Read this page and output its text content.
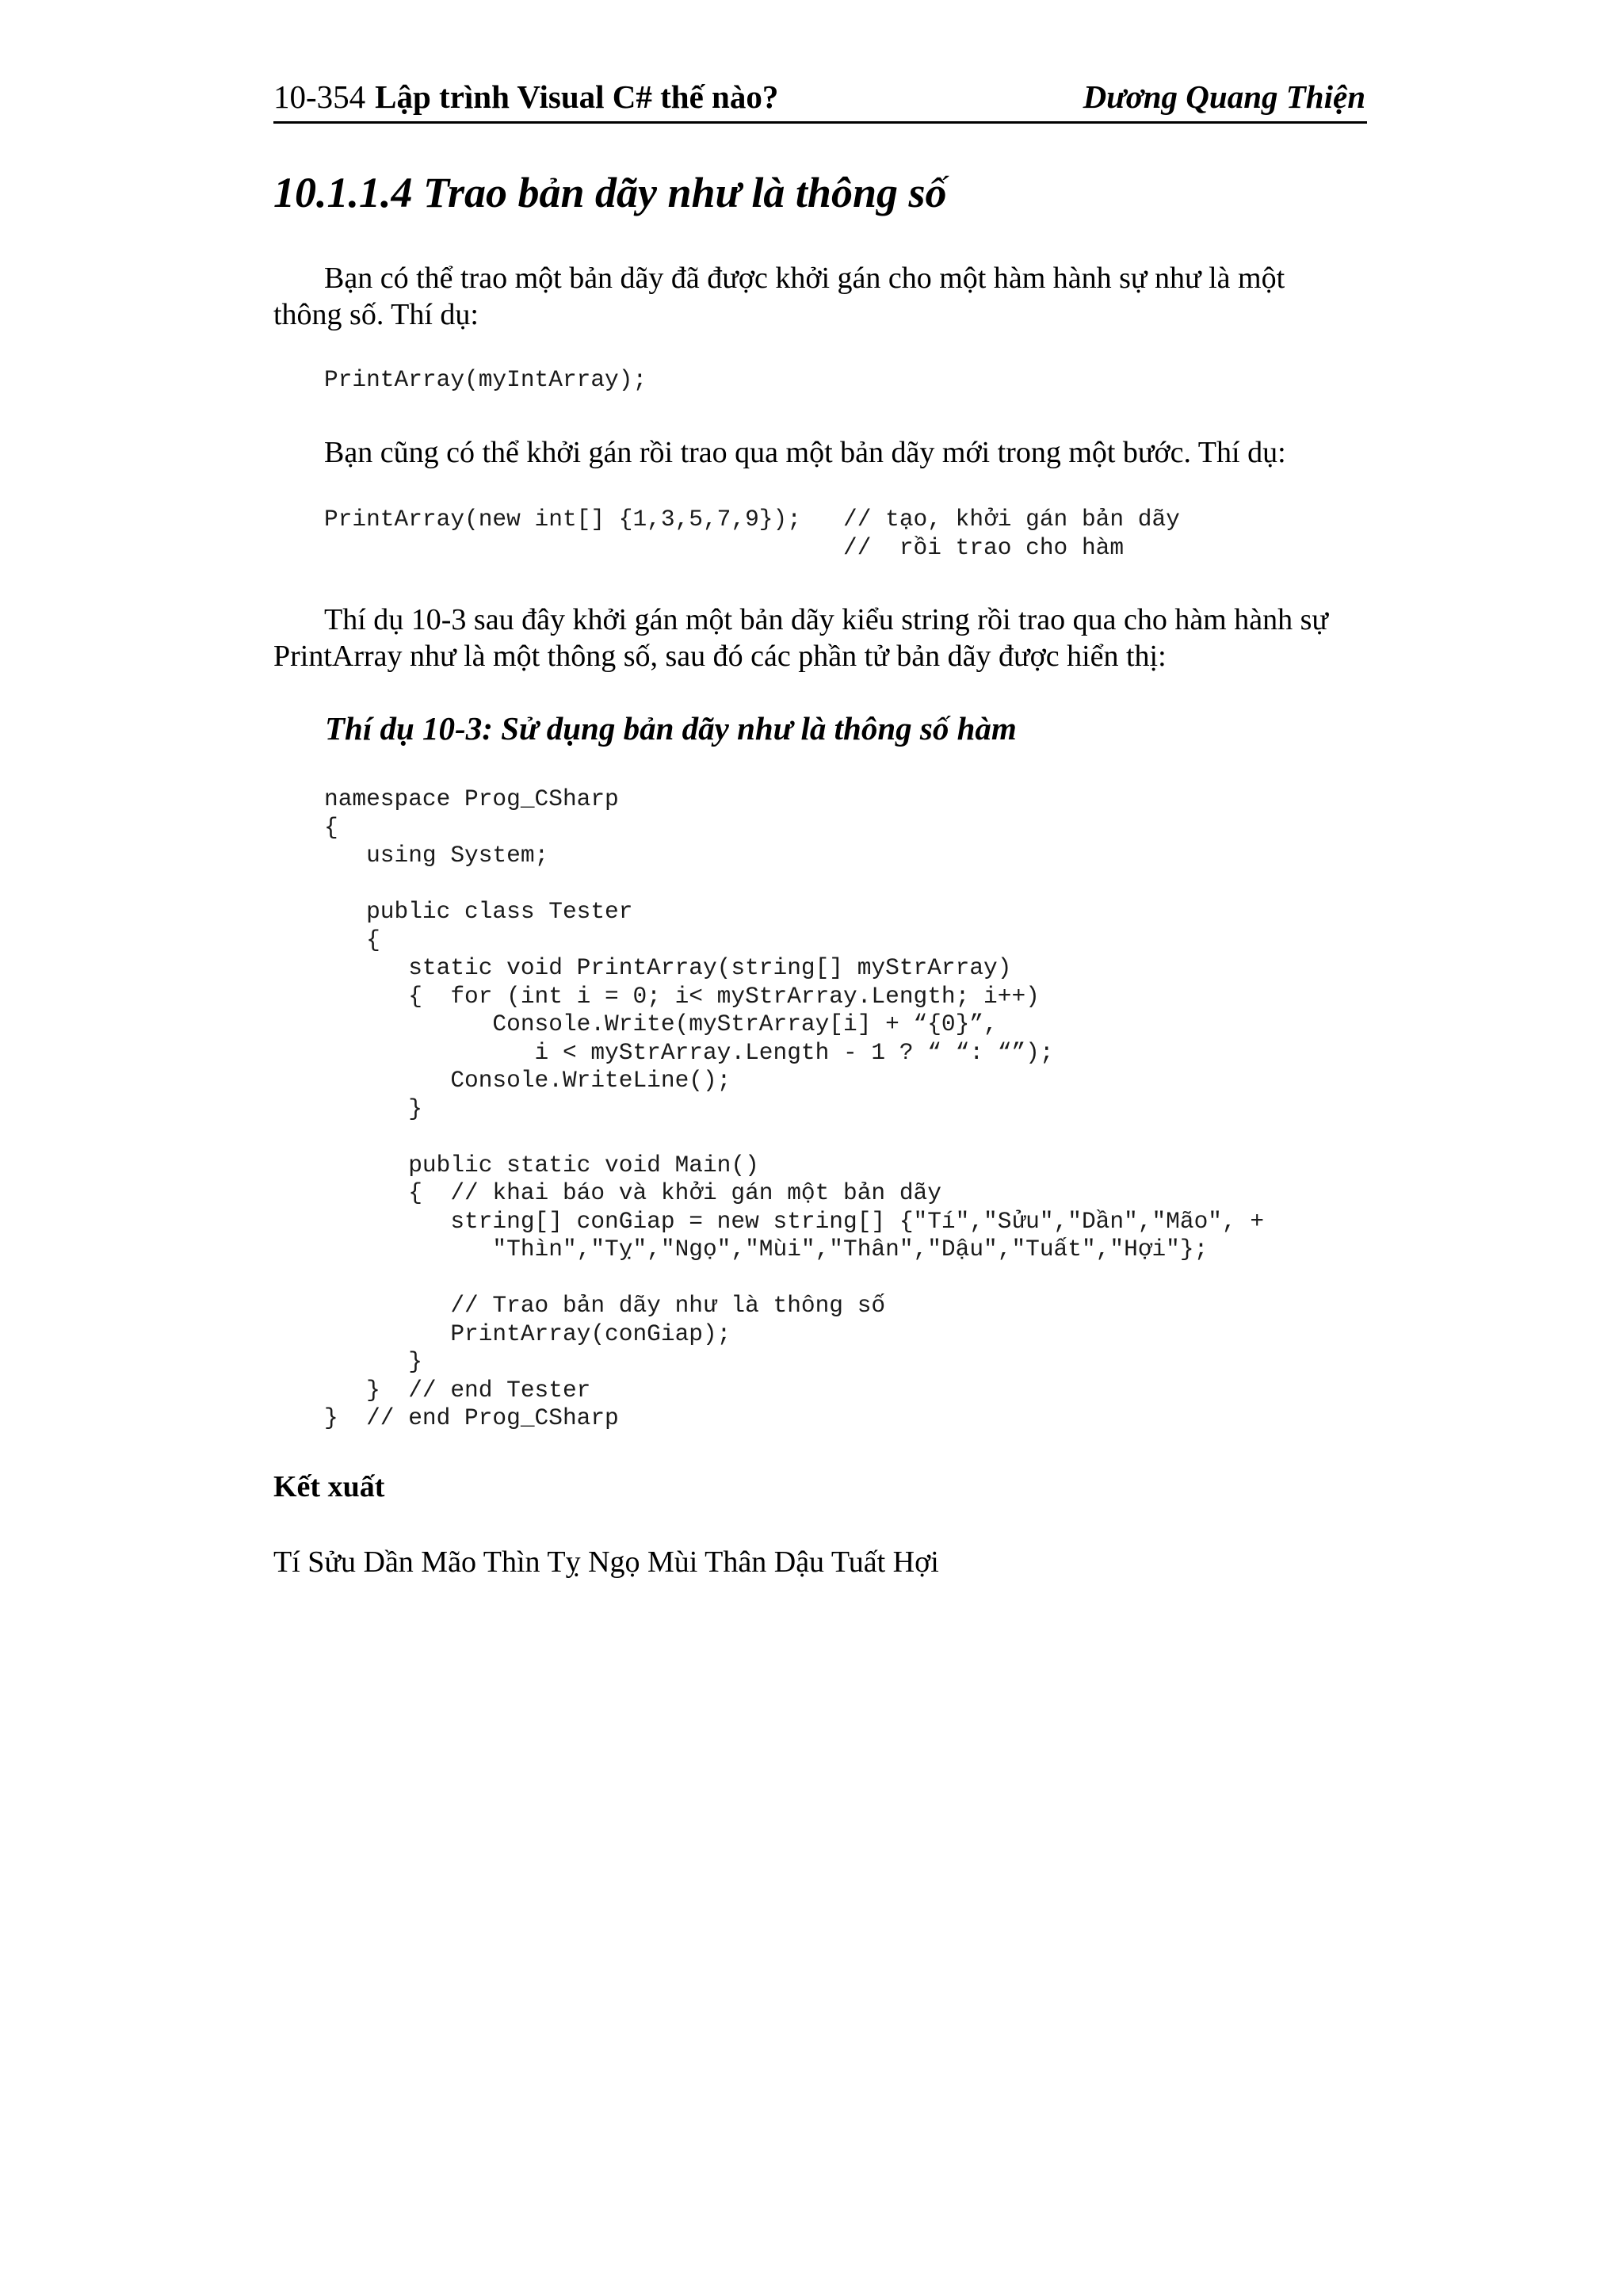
10-354 Lập trình Visual C# thế nào?	Dương Quang Thiện
10.1.1.4 Trao bản dãy như là thông số
Bạn có thể trao một bản dãy đã được khởi gán cho một hàm hành sự như là một
thông số. Thí dụ:
PrintArray(myIntArray);
Bạn cũng có thể khởi gán rồi trao qua một bản dãy mới trong một bước. Thí dụ:
PrintArray(new int[] {1,3,5,7,9});   // tạo, khởi gán bản dãy
//  rồi trao cho hàm
Thí dụ 10-3 sau đây khởi gán một bản dãy kiểu string rồi trao qua cho hàm hành sự
PrintArray như là một thông số, sau đó các phần tử bản dãy được hiển thị:
Thí dụ 10-3: Sử dụng bản dãy như là thông số hàm
namespace Prog_CSharp
{
using System;

public class Tester
{
static void PrintArray(string[] myStrArray)
{  for (int i = 0; i< myStrArray.Length; i++)
Console.Write(myStrArray[i] + “{0}”,
i < myStrArray.Length - 1 ? “ “: “”);
Console.WriteLine();
}

public static void Main()
{  // khai báo và khởi gán một bản dãy
string[] conGiap = new string[] {"Tí","Sửu","Dần","Mão", +
"Thìn","Tỵ","Ngọ","Mùi","Thân","Dậu","Tuất","Hợi"};

// Trao bản dãy như là thông số
PrintArray(conGiap);
}
}  // end Tester
}  // end Prog_CSharp
Kết xuất
Tí Sửu Dần Mão Thìn Tỵ Ngọ Mùi Thân Dậu Tuất Hợi
